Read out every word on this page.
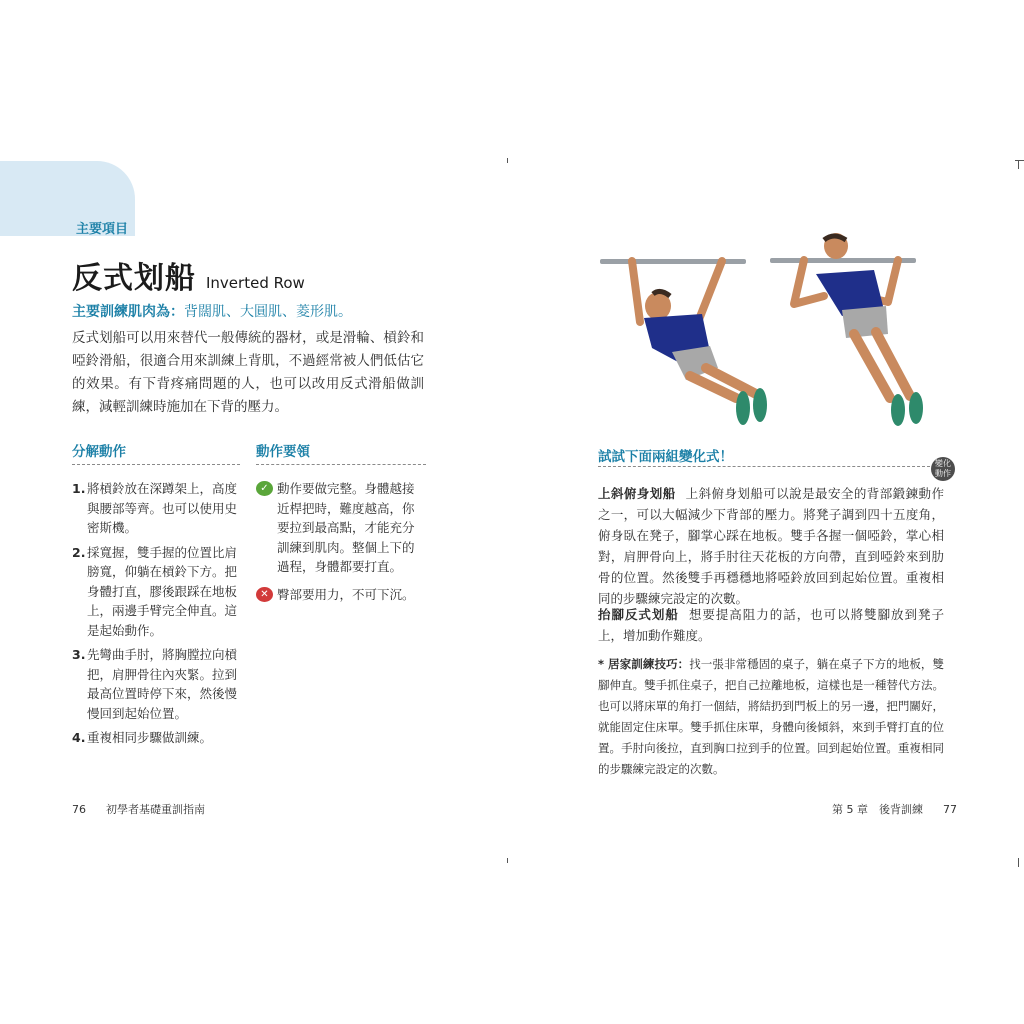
主要項目
反式划船 Inverted Row
主要訓練肌肉為：背闊肌、大圓肌、菱形肌。
反式划船可以用來替代一般傳統的器材，或是滑輪、槓鈴和啞鈴滑船，很適合用來訓練上背肌，不過經常被人們低估它的效果。有下背疼痛問題的人，也可以改用反式滑船做訓練，減輕訓練時施加在下背的壓力。
分解動作
1. 將槓鈴放在深蹲架上，高度與腰部等齊。也可以使用史密斯機。
2. 採寬握，雙手握的位置比肩膀寬，仰躺在槓鈴下方。把身體打直，膠後跟踩在地板上，兩邊手臂完全伸直。這是起始動作。
3. 先彎曲手肘，將胸膛拉向槓把，肩胛骨往內夾緊。拉到最高位置時停下來，然後慢慢回到起始位置。
4. 重複相同步驟做訓練。
動作要領
✓ 動作要做完整。身體越接近桿把時，難度越高，你要拉到最高點，才能充分訓練到肌肉。整個上下的過程，身體都要打直。
✕ 臀部要用力，不可下沉。
76 初學者基礎重訓指南
試試下面兩組變化式！	變化
動作
上斜俯身划船 上斜俯身划船可以說是最安全的背部鍛鍊動作之一，可以大幅減少下背部的壓力。將凳子調到四十五度角，俯身臥在凳子，腳掌心踩在地板。雙手各握一個啞鈴，掌心相對，肩胛骨向上，將手肘往天花板的方向帶，直到啞鈴來到肋骨的位置。然後雙手再穩穩地將啞鈴放回到起始位置。重複相同的步驟練完設定的次數。
抬腳反式划船 想要提高阻力的話，也可以將雙腳放到凳子上，增加動作難度。
* 居家訓練技巧：找一張非常穩固的桌子，躺在桌子下方的地板，雙腳伸直。雙手抓住桌子，把自己拉離地板，這樣也是一種替代方法。也可以將床單的角打一個結，將結扔到門板上的另一邊，把門關好，就能固定住床單。雙手抓住床單，身體向後傾斜，來到手臂打直的位置。手肘向後拉，直到胸口拉到手的位置。回到起始位置。重複相同的步驟練完設定的次數。
第 5 章　後背訓練 77
